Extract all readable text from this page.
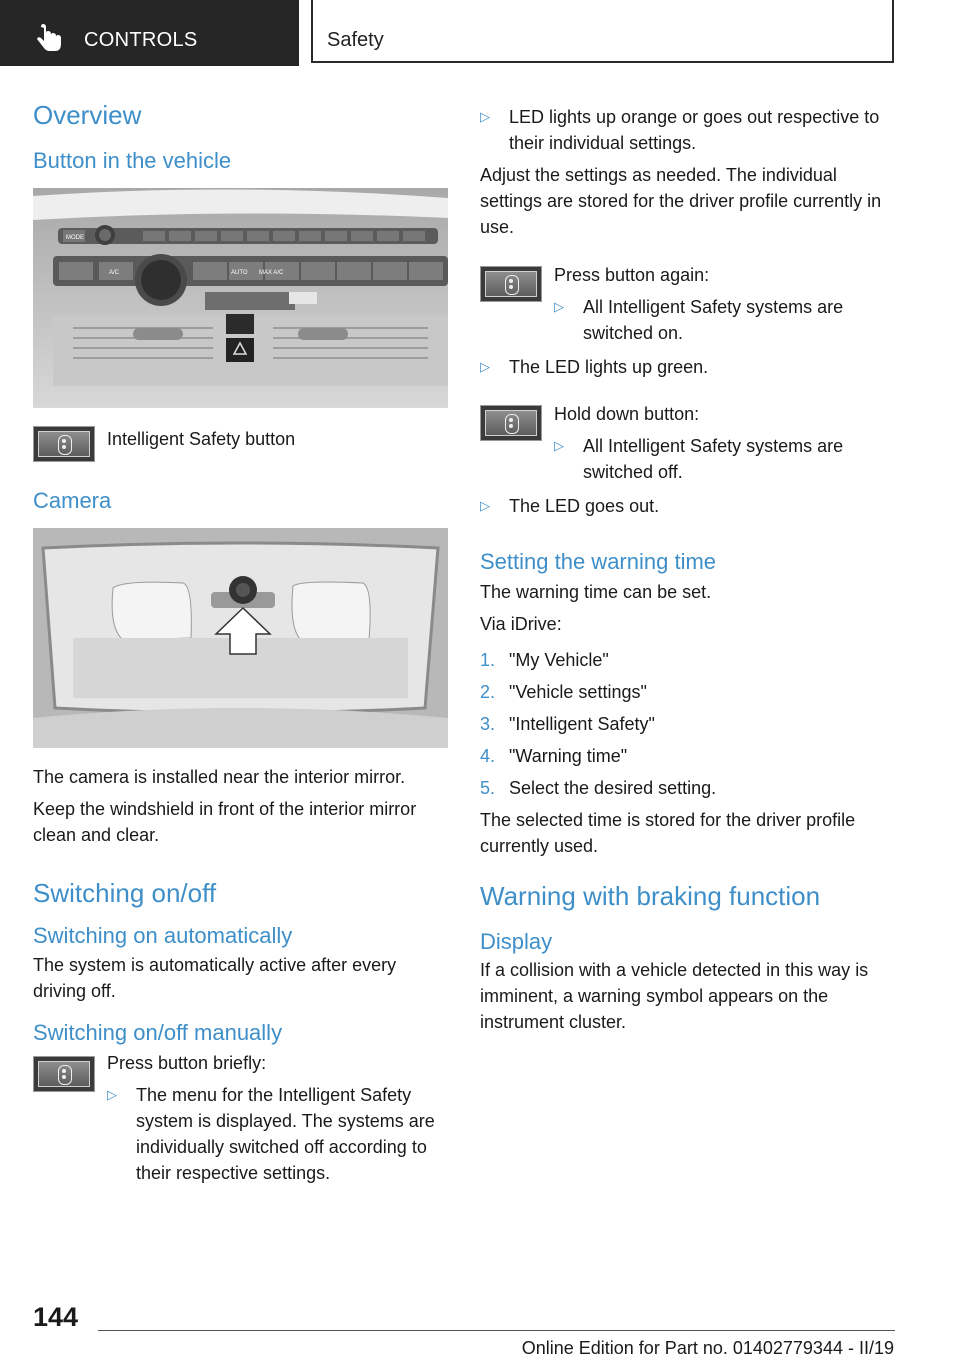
CONTROLS	Safety
Overview
Button in the vehicle
MODE
A/C	AUTO MAX A/C

Intelligent Safety button

Camera

The camera is installed near the interior mirror.

Keep the windshield in front of the interior mirror clean and clear.

Switching on/off
Switching on automatically

The system is automatically active after every driving off.

Switching on/off manually

Press button briefly:

▷ The menu for the Intelligent Safety system is displayed. The systems are individually switched off according to their respective settings.
▷ LED lights up orange or goes out respective to their individual settings.

Adjust the settings as needed. The individual settings are stored for the driver profile currently in use.

Press button again:

▷ All Intelligent Safety systems are switched on.
▷ The LED lights up green.

Hold down button:

▷ All Intelligent Safety systems are switched off.
▷ The LED goes out.
Setting the warning time

The warning time can be set.

Via iDrive:

1. "My Vehicle"
2. "Vehicle settings"
3. "Intelligent Safety"
4. "Warning time"
5. Select the desired setting.

The selected time is stored for the driver profile currently used.

Warning with braking function
Display

If a collision with a vehicle detected in this way is imminent, a warning symbol appears on the instrument cluster.

144
Online Edition for Part no. 01402779344 - II/19
